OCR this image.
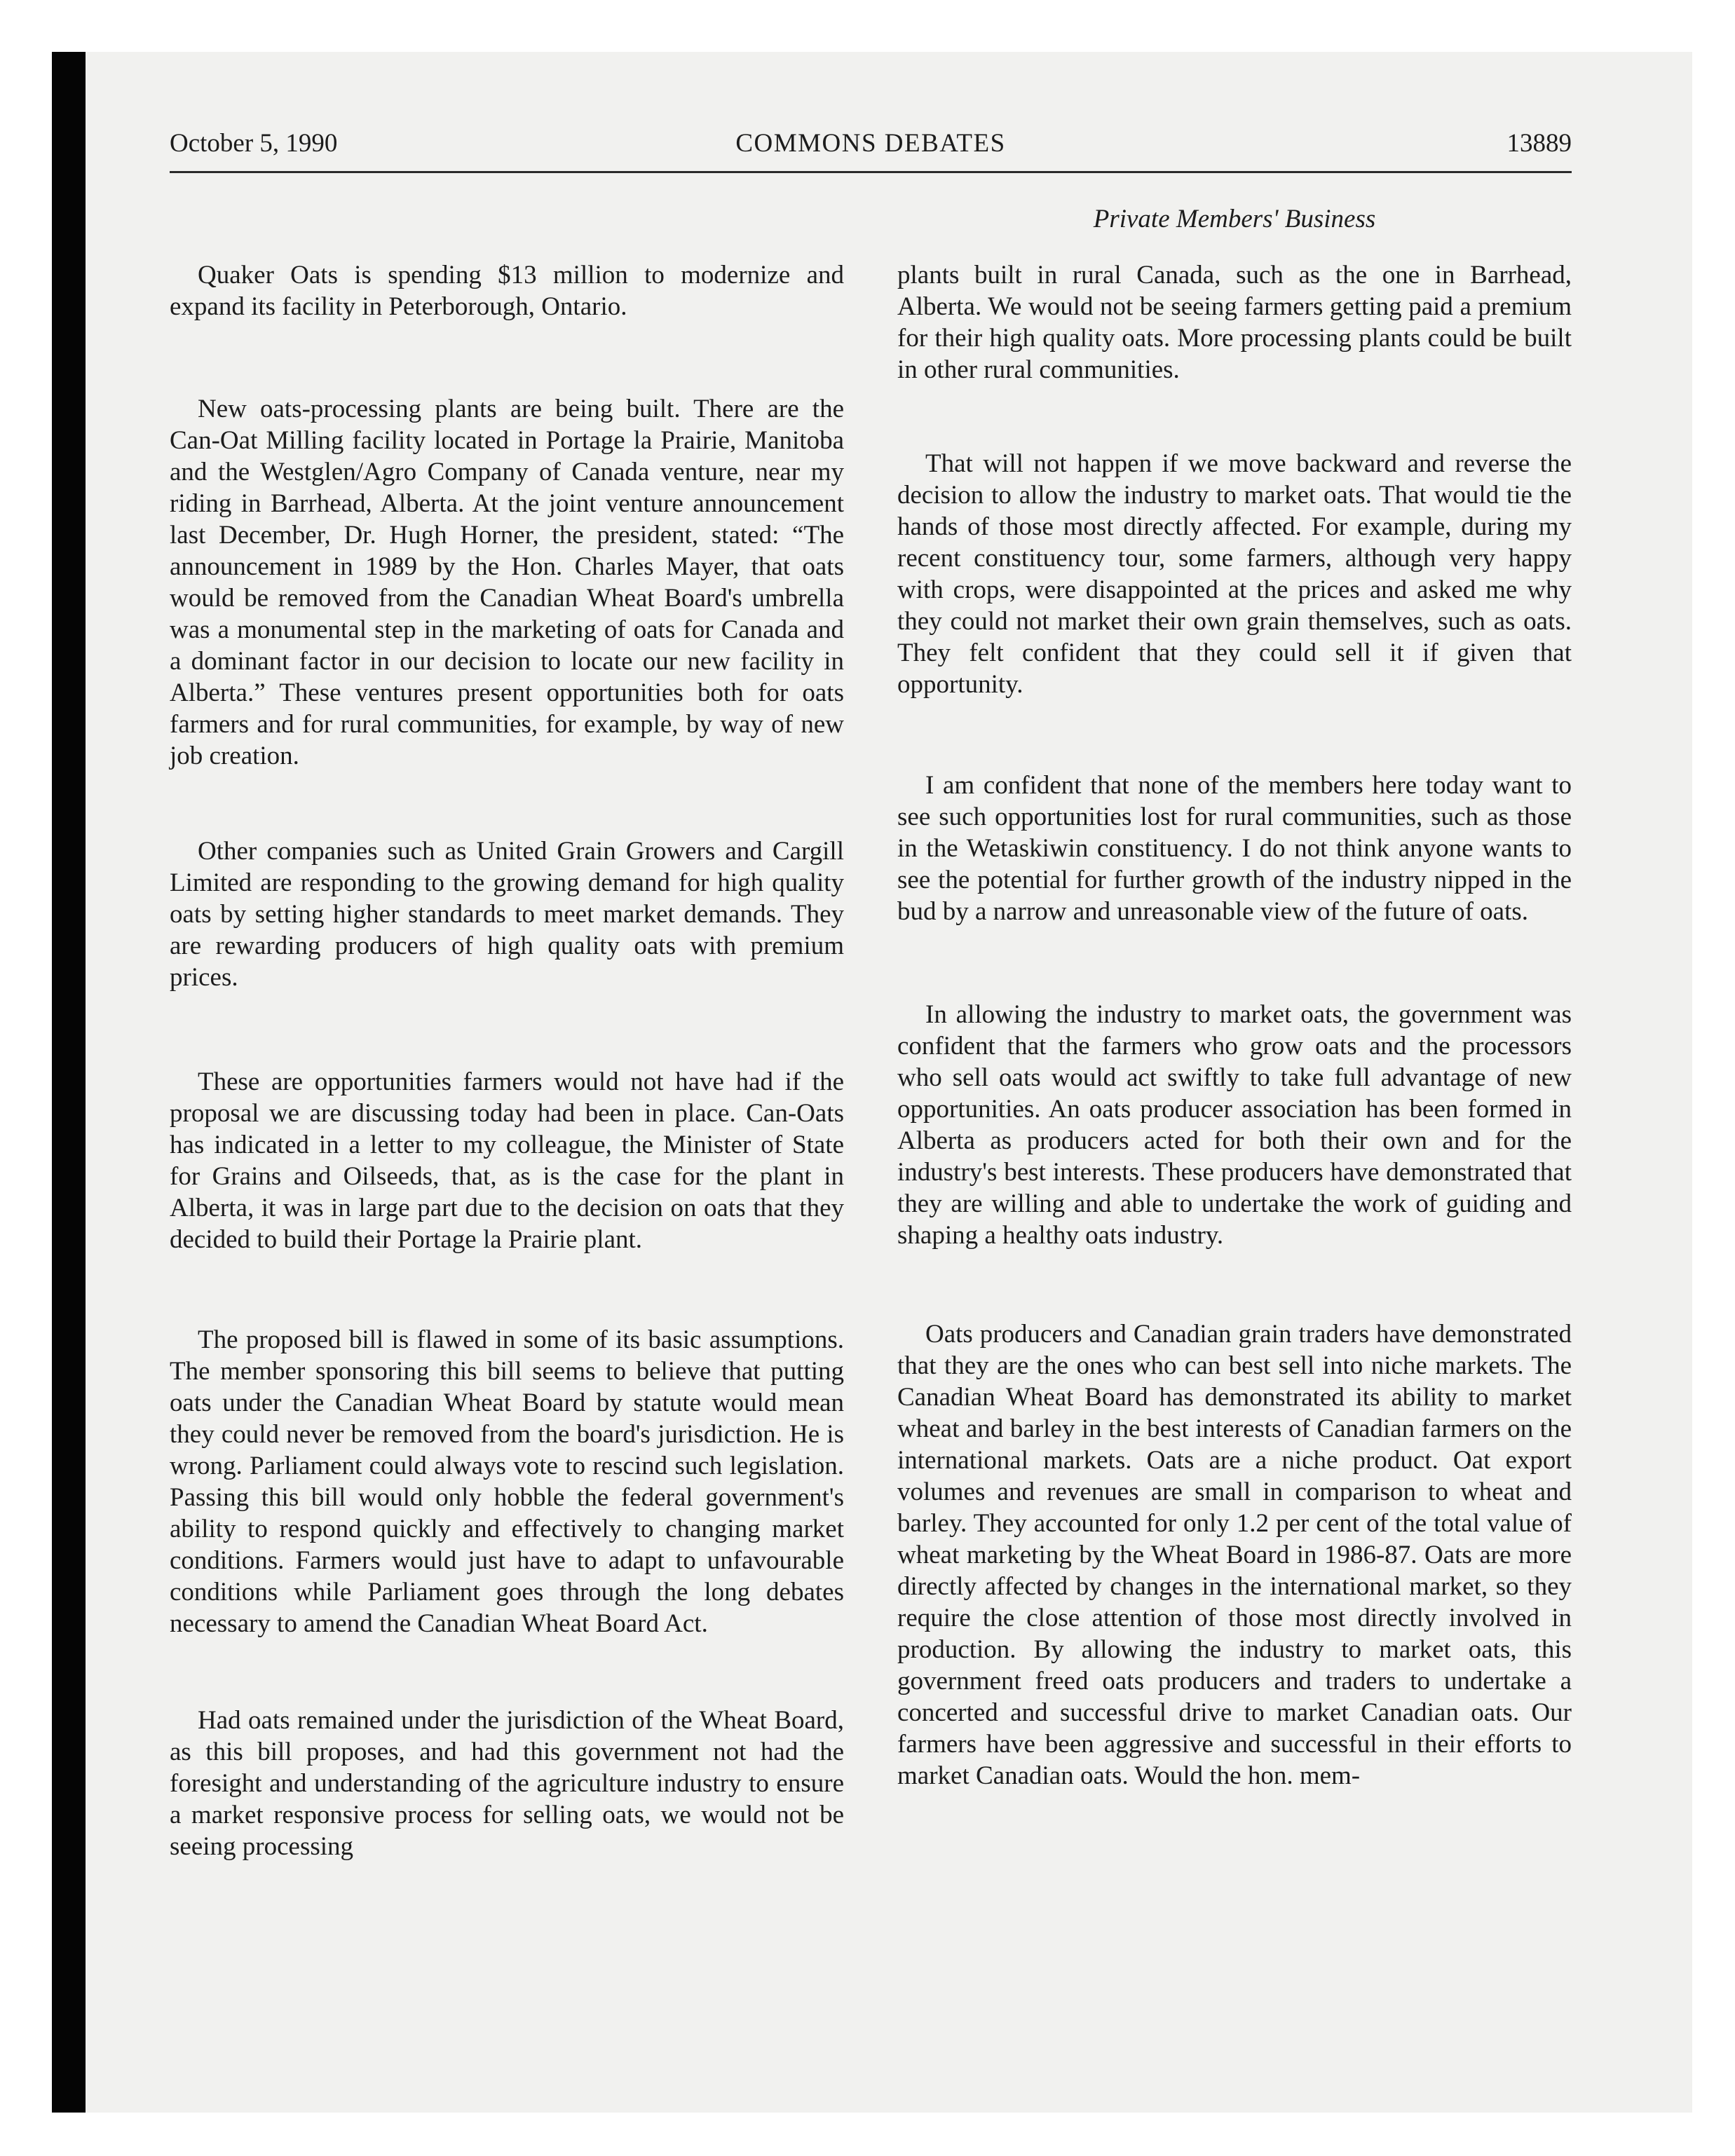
October 5, 1990	COMMONS DEBATES	13889
Private Members' Business

Quaker Oats is spending $13 million to modernize and expand its facility in Peterborough, Ontario.

New oats-processing plants are being built. There are the Can-Oat Milling facility located in Portage la Prairie, Manitoba and the Westglen/Agro Company of Canada venture, near my riding in Barrhead, Alberta. At the joint venture announcement last December, Dr. Hugh Horner, the president, stated: “The announcement in 1989 by the Hon. Charles Mayer, that oats would be removed from the Canadian Wheat Board's umbrella was a monumental step in the marketing of oats for Canada and a dominant factor in our decision to locate our new facility in Alberta.” These ventures present opportunities both for oats farmers and for rural communities, for example, by way of new job creation.

Other companies such as United Grain Growers and Cargill Limited are responding to the growing demand for high quality oats by setting higher standards to meet market demands. They are rewarding producers of high quality oats with premium prices.

These are opportunities farmers would not have had if the proposal we are discussing today had been in place. Can-Oats has indicated in a letter to my colleague, the Minister of State for Grains and Oilseeds, that, as is the case for the plant in Alberta, it was in large part due to the decision on oats that they decided to build their Portage la Prairie plant.

The proposed bill is flawed in some of its basic assumptions. The member sponsoring this bill seems to believe that putting oats under the Canadian Wheat Board by statute would mean they could never be removed from the board's jurisdiction. He is wrong. Parliament could always vote to rescind such legislation. Passing this bill would only hobble the federal government's ability to respond quickly and effectively to changing market conditions. Farmers would just have to adapt to unfavourable conditions while Parliament goes through the long debates necessary to amend the Canadian Wheat Board Act.

Had oats remained under the jurisdiction of the Wheat Board, as this bill proposes, and had this government not had the foresight and understanding of the agriculture industry to ensure a market responsive process for selling oats, we would not be seeing processing

plants built in rural Canada, such as the one in Barrhead, Alberta. We would not be seeing farmers getting paid a premium for their high quality oats. More processing plants could be built in other rural communities.

That will not happen if we move backward and reverse the decision to allow the industry to market oats. That would tie the hands of those most directly affected. For example, during my recent constituency tour, some farmers, although very happy with crops, were disappointed at the prices and asked me why they could not market their own grain themselves, such as oats. They felt confident that they could sell it if given that opportunity.

I am confident that none of the members here today want to see such opportunities lost for rural communities, such as those in the Wetaskiwin constituency. I do not think anyone wants to see the potential for further growth of the industry nipped in the bud by a narrow and unreasonable view of the future of oats.

In allowing the industry to market oats, the government was confident that the farmers who grow oats and the processors who sell oats would act swiftly to take full advantage of new opportunities. An oats producer association has been formed in Alberta as producers acted for both their own and for the industry's best interests. These producers have demonstrated that they are willing and able to undertake the work of guiding and shaping a healthy oats industry.

Oats producers and Canadian grain traders have demonstrated that they are the ones who can best sell into niche markets. The Canadian Wheat Board has demonstrated its ability to market wheat and barley in the best interests of Canadian farmers on the international markets. Oats are a niche product. Oat export volumes and revenues are small in comparison to wheat and barley. They accounted for only 1.2 per cent of the total value of wheat marketing by the Wheat Board in 1986-87. Oats are more directly affected by changes in the international market, so they require the close attention of those most directly involved in production. By allowing the industry to market oats, this government freed oats producers and traders to undertake a concerted and successful drive to market Canadian oats. Our farmers have been aggressive and successful in their efforts to market Canadian oats. Would the hon. mem-
